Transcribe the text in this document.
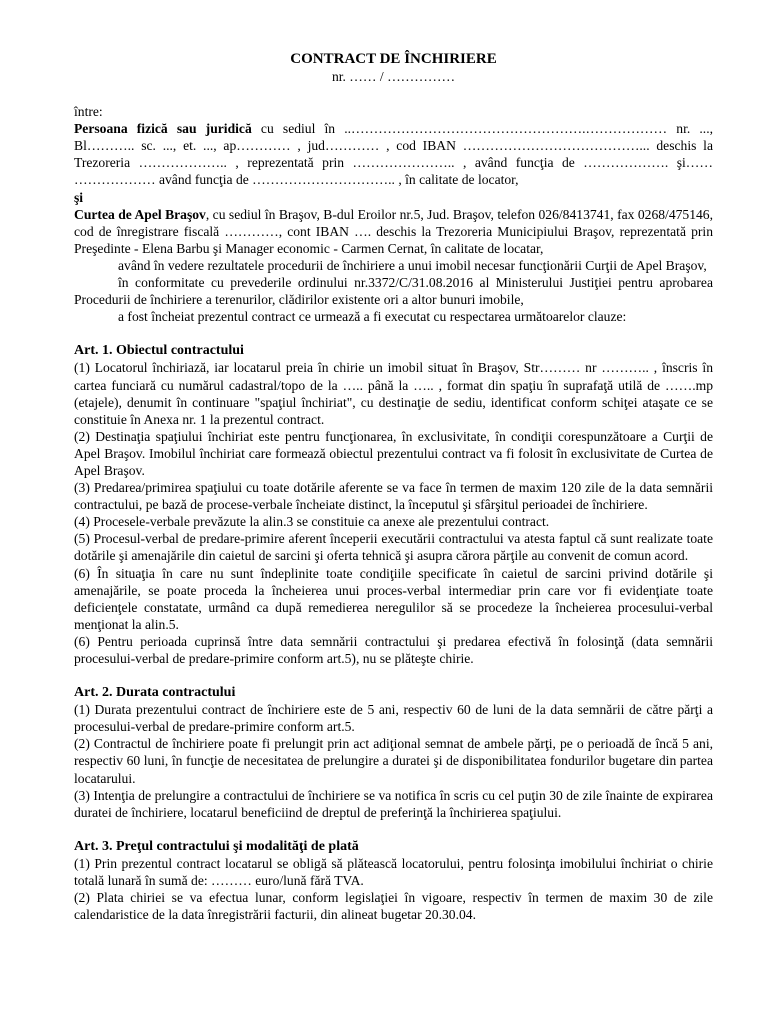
CONTRACT DE ÎNCHIRIERE

nr. …… / ……………

între:

Persoana fizică sau juridică cu sediul în ..…………………………………………….……………… nr. ..., Bl……….. sc. ..., et. ..., ap………… , jud………… , cod IBAN …………………………………... deschis la Trezoreria ……………….. , reprezentată prin ………………….. , având funcţia de ………………. şi…… ……………… având funcţia de ………………………….. , în calitate de locator,

şi

Curtea de Apel Braşov, cu sediul în Braşov, B-dul Eroilor nr.5, Jud. Braşov, telefon 026/8413741, fax 0268/475146, cod de înregistrare fiscală …………, cont IBAN …. deschis la Trezoreria Municipiului Braşov, reprezentată prin Preşedinte - Elena Barbu şi Manager economic - Carmen Cernat, în calitate de locatar,

având în vedere rezultatele procedurii de închiriere a unui imobil necesar funcţionării Curţii de Apel Braşov,

în conformitate cu prevederile ordinului nr.3372/C/31.08.2016 al Ministerului Justiţiei pentru aprobarea Procedurii de închiriere a terenurilor, clădirilor existente ori a altor bunuri imobile,

a fost încheiat prezentul contract ce urmează a fi executat cu respectarea următoarelor clauze:

Art. 1. Obiectul contractului

(1) Locatorul închiriază, iar locatarul preia în chirie un imobil situat în Braşov, Str……… nr ……….. , înscris în cartea funciară cu numărul cadastral/topo de la ….. până la ….. , format din spaţiu în suprafaţă utilă de …….mp (etajele), denumit în continuare "spaţiul închiriat", cu destinaţie de sediu, identificat conform schiţei ataşate ce se constituie în Anexa nr. 1 la prezentul contract.

(2) Destinaţia spaţiului închiriat este pentru funcţionarea, în exclusivitate, în condiţii corespunzătoare a Curţii de Apel Braşov. Imobilul închiriat care formează obiectul prezentului contract va fi folosit în exclusivitate de Curtea de Apel Braşov.

(3) Predarea/primirea spaţiului cu toate dotările aferente se va face în termen de maxim 120 zile de la data semnării contractului, pe bază de procese-verbale încheiate distinct, la începutul şi sfârşitul perioadei de închiriere.

(4) Procesele-verbale prevăzute la alin.3 se constituie ca anexe ale prezentului contract.

(5) Procesul-verbal de predare-primire aferent începerii executării contractului va atesta faptul că sunt realizate toate dotările şi amenajările din caietul de sarcini şi oferta tehnică şi asupra cărora părţile au convenit de comun acord.

(6) În situaţia în care nu sunt îndeplinite toate condiţiile specificate în caietul de sarcini privind dotările şi amenajările, se poate proceda la încheierea unui proces-verbal intermediar prin care vor fi evidenţiate toate deficienţele constatate, urmând ca după remedierea neregulilor să se procedeze la încheierea procesului-verbal menţionat la alin.5.

(6) Pentru perioada cuprinsă între data semnării contractului şi predarea efectivă în folosinţă (data semnării procesului-verbal de predare-primire conform art.5), nu se plăteşte chirie.

Art. 2. Durata contractului

(1) Durata prezentului contract de închiriere este de 5 ani, respectiv 60 de luni de la data semnării de către părţi a procesului-verbal de predare-primire conform art.5.

(2) Contractul de închiriere poate fi prelungit prin act adiţional semnat de ambele părţi, pe o perioadă de încă 5 ani, respectiv 60 luni, în funcţie de necesitatea de prelungire a duratei şi de disponibilitatea fondurilor bugetare din partea locatarului.

(3) Intenţia de prelungire a contractului de închiriere se va notifica în scris cu cel puţin 30 de zile înainte de expirarea duratei de închiriere, locatarul beneficiind de dreptul de preferinţă la închirierea spaţiului.

Art. 3. Preţul contractului şi modalităţi de plată

(1) Prin prezentul contract locatarul se obligă să plătească locatorului, pentru folosinţa imobilului închiriat o chirie totală lunară în sumă de: ……… euro/lună fără TVA.

(2) Plata chiriei se va efectua lunar, conform legislaţiei în vigoare, respectiv în termen de maxim 30 de zile calendaristice de la data înregistrării facturii, din alineat bugetar 20.30.04.
